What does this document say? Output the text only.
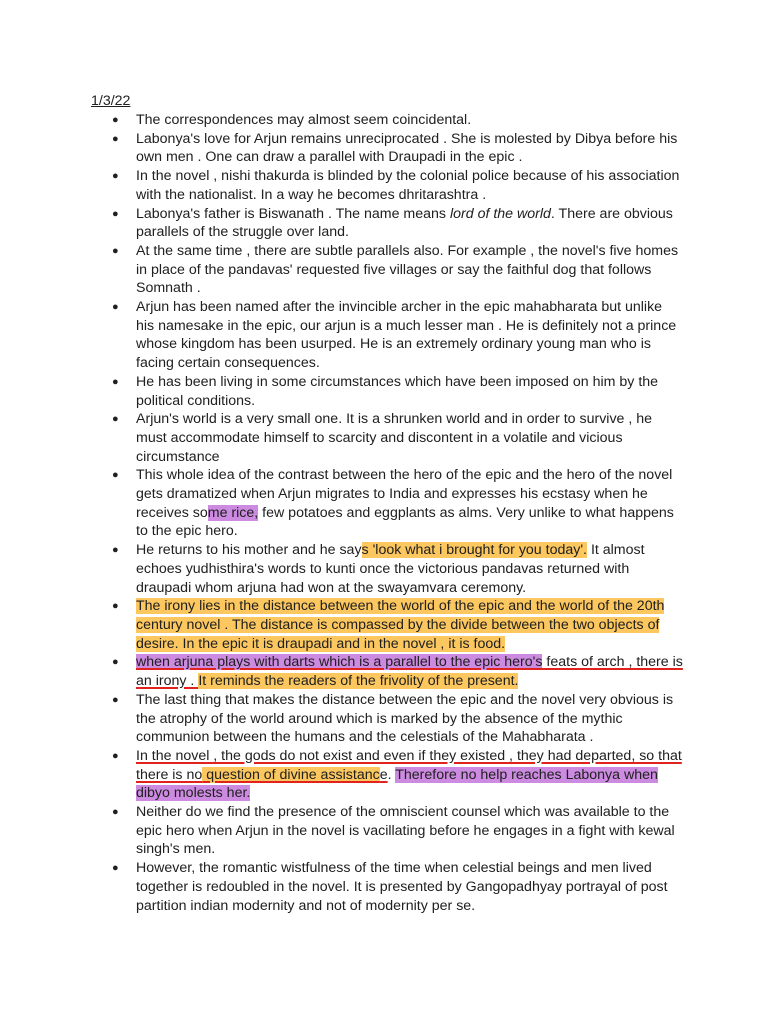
1/3/22
● The correspondences may almost seem coincidental.
● Labonya's love for Arjun remains unreciprocated . She is molested by Dibya before his own men . One can draw a parallel with Draupadi in the epic .
● In the novel , nishi thakurda is blinded by the colonial police because of his association with the nationalist. In a way he becomes dhritarashtra .
● Labonya's father is Biswanath . The name means lord of the world. There are obvious parallels of the struggle over land.
● At the same time , there are subtle parallels also. For example , the novel's five homes in place of the pandavas' requested five villages or say the faithful dog that follows Somnath .
● Arjun has been named after the invincible archer in the epic mahabharata but unlike his namesake in the epic, our arjun is a much lesser man . He is definitely not a prince whose kingdom has been usurped. He is an extremely ordinary young man who is facing certain consequences.
● He has been living in some circumstances which have been imposed on him by the political conditions.
● Arjun's world is a very small one. It is a shrunken world and in order to survive , he must accommodate himself to scarcity and discontent in a volatile and vicious circumstance
● This whole idea of the contrast between the hero of the epic and the hero of the novel gets dramatized when Arjun migrates to India and expresses his ecstasy when he receives some rice, few potatoes and eggplants as alms. Very unlike to what happens to the epic hero.
● He returns to his mother and he says 'look what i brought for you today'. It almost echoes yudhisthira's words to kunti once the victorious pandavas returned with draupadi whom arjuna had won at the swayamvara ceremony.
● The irony lies in the distance between the world of the epic and the world of the 20th century novel . The distance is compassed by the divide between the two objects of desire. In the epic it is draupadi and in the novel , it is food.
● when arjuna plays with darts which is a parallel to the epic hero's feats of arch , there is an irony . It reminds the readers of the frivolity of the present.
● The last thing that makes the distance between the epic and the novel very obvious is the atrophy of the world around which is marked by the absence of the mythic communion between the humans and the celestials of the Mahabharata .
● In the novel , the gods do not exist and even if they existed , they had departed, so that there is no question of divine assistance. Therefore no help reaches Labonya when dibyo molests her.
● Neither do we find the presence of the omniscient counsel which was available to the epic hero when Arjun in the novel is vacillating before he engages in a fight with kewal singh's men.
● However, the romantic wistfulness of the time when celestial beings and men lived together is redoubled in the novel. It is presented by Gangopadhyay portrayal of post partition indian modernity and not of modernity per se.
